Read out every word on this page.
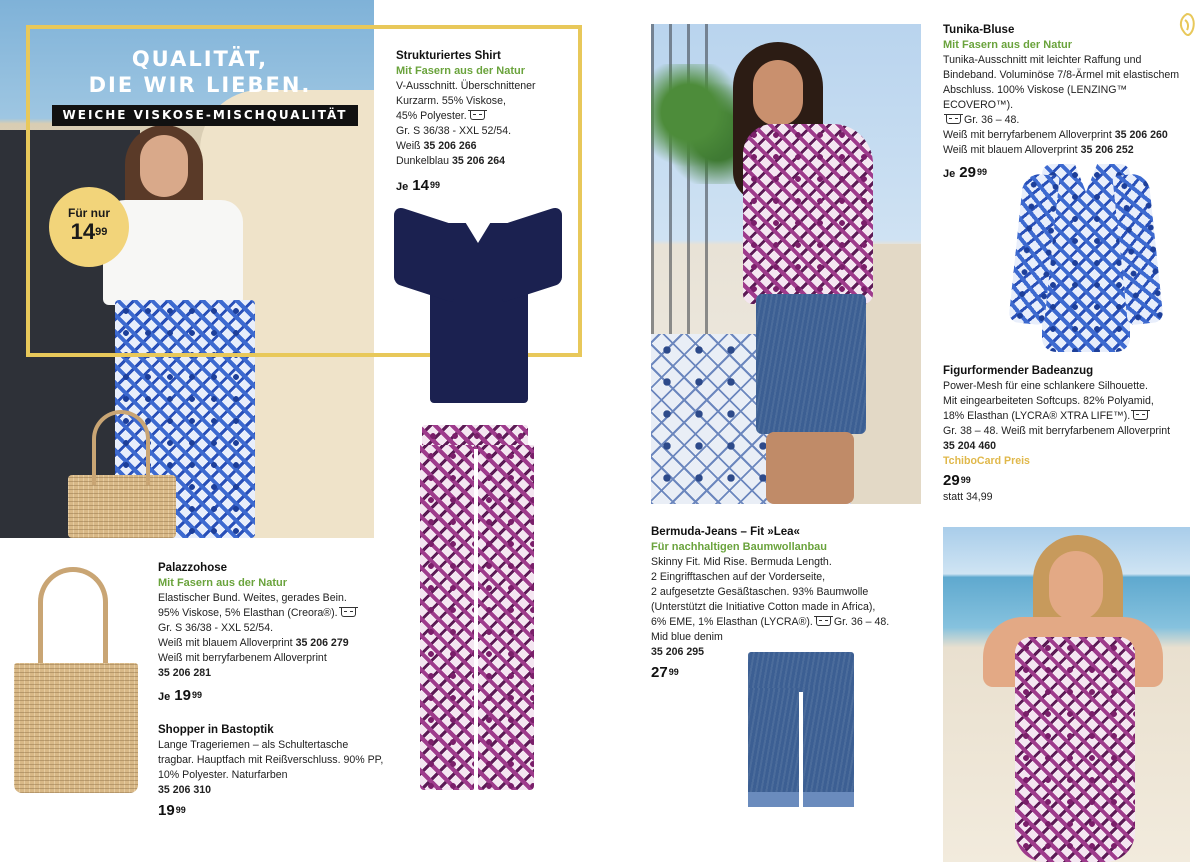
QUALITÄT,
DIE WIR LIEBEN.
WEICHE VISKOSE-MISCHQUALITÄT
Für nur
$14^{99}$
Strukturiertes Shirt
Mit Fasern aus der Natur
V-Ausschnitt. Überschnittener
Kurzarm. 55% Viskose,
45% Polyester.
Gr. S 36/38 - XXL 52/54.
Weiß 35 206 266
Dunkelblau 35 206 264
Je $14^{99}$
Palazzohose
Mit Fasern aus der Natur
Elastischer Bund. Weites, gerades Bein.
95% Viskose, 5% Elasthan (Creora®).
Gr. S 36/38 - XXL 52/54.
Weiß mit blauem Alloverprint 35 206 279
Weiß mit berryfarbenem Alloverprint
35 206 281
Je $19^{99}$
Shopper in Bastoptik
Lange Trageriemen – als Schultertasche
tragbar. Hauptfach mit Reißverschluss. 90% PP,
10% Polyester. Naturfarben
35 206 310
$19^{99}$
Bermuda-Jeans – Fit »Lea«
Für nachhaltigen Baumwollanbau
Skinny Fit. Mid Rise. Bermuda Length.
2 Eingrifftaschen auf der Vorderseite,
2 aufgesetzte Gesäßtaschen. 93% Baumwolle
(Unterstützt die Initiative Cotton made in Africa),
6% EME, 1% Elasthan (LYCRA®). Gr. 36 – 48.
Mid blue denim
35 206 295
$27^{99}$
Tunika-Bluse
Mit Fasern aus der Natur
Tunika-Ausschnitt mit leichter Raffung und
Bindeband. Voluminöse 7/8-Ärmel mit elastischem
Abschluss. 100% Viskose (LENZING™ ECOVERO™).
Gr. 36 – 48.
Weiß mit berryfarbenem Alloverprint 35 206 260
Weiß mit blauem Alloverprint 35 206 252
Je $29^{99}$
Figurformender Badeanzug
Power-Mesh für eine schlankere Silhouette.
Mit eingearbeiteten Softcups. 82% Polyamid,
18% Elasthan (LYCRA® XTRA LIFE™).
Gr. 38 – 48. Weiß mit berryfarbenem Alloverprint
35 204 460
TchiboCard Preis
$29^{99}$
statt 34,99
